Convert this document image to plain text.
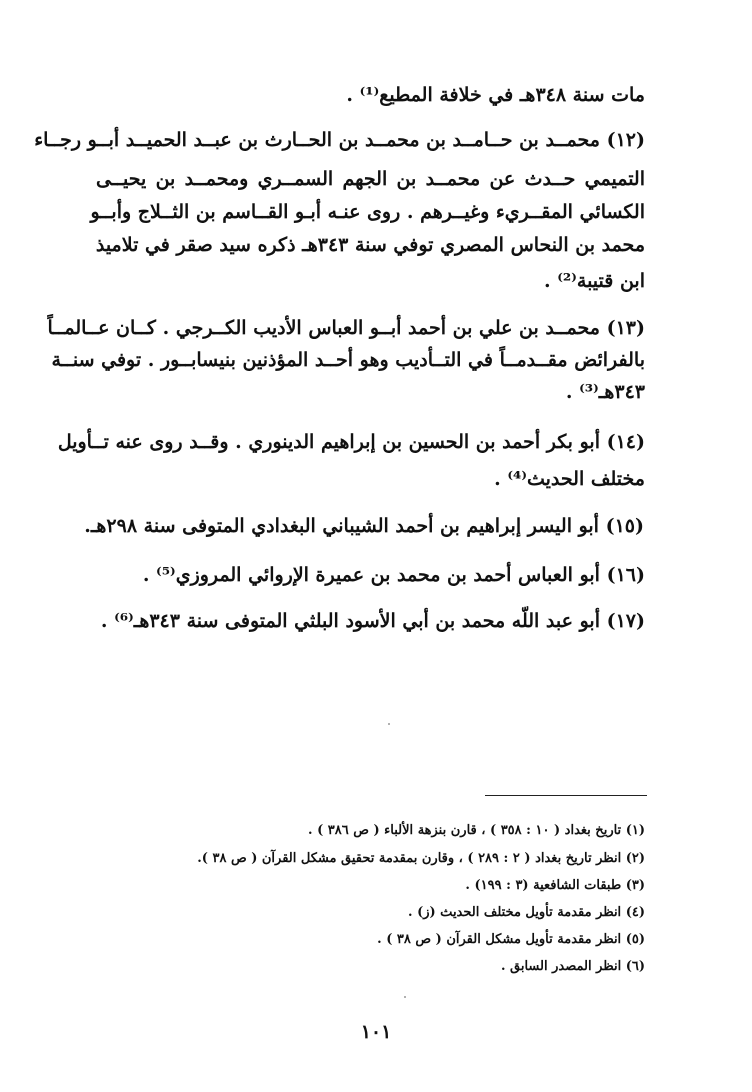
مات سنة ٣٤٨هـ في خلافة المطيع⁽¹⁾ .
(١٢) محمــد بن حــامــد بن محمــد بن الحــارث بن عبــد الحميــد أبــو رجــاء
التميمي حــدث عن محمــد بن الجهم السمــري ومحمــد بن يحيــى
الكسائي المقــريء وغيــرهم . روى عنـه أبـو القــاسم بن الثــلاج وأبــو
محمد بن النحاس المصري توفي سنة ٣٤٣هـ ذكره سيد صقر في تلاميذ
ابن قتيبة⁽²⁾ .
(١٣) محمــد بن علي بن أحمد أبــو العباس الأديب الكــرجي . كــان عــالمــاً
بالفرائض مقــدمــاً في التــأديب وهو أحــد المؤذنين بنيسابــور . توفي سنــة
٣٤٣هـ⁽³⁾ .
(١٤) أبو بكر أحمد بن الحسين بن إبراهيم الدينوري . وقــد روى عنه تــأويل
مختلف الحديث⁽⁴⁾ .
(١٥) أبو اليسر إبراهيم بن أحمد الشيباني البغدادي المتوفى سنة ٢٩٨هـ.
(١٦) أبو العباس أحمد بن محمد بن عميرة الإروائي المروزي⁽⁵⁾ .
(١٧) أبو عبد اللّه محمد بن أبي الأسود البلثي المتوفى سنة ٣٤٣هـ⁽⁶⁾ .
(١) تاريخ بغداد ( ١٠ : ٣٥٨ ) ، قارن بنزهة الألباء ( ص ٣٨٦ ) .
(٢) انظر تاريخ بغداد ( ٢ : ٢٨٩ ) ، وقارن بمقدمة تحقيق مشكل القرآن ( ص ٣٨ ).
(٣) طبقات الشافعية (٣ : ١٩٩) .
(٤) انظر مقدمة تأويل مختلف الحديث (ز) .
(٥) انظر مقدمة تأويل مشكل القرآن ( ص ٣٨ ) .
(٦) انظر المصدر السابق .
١٠١
